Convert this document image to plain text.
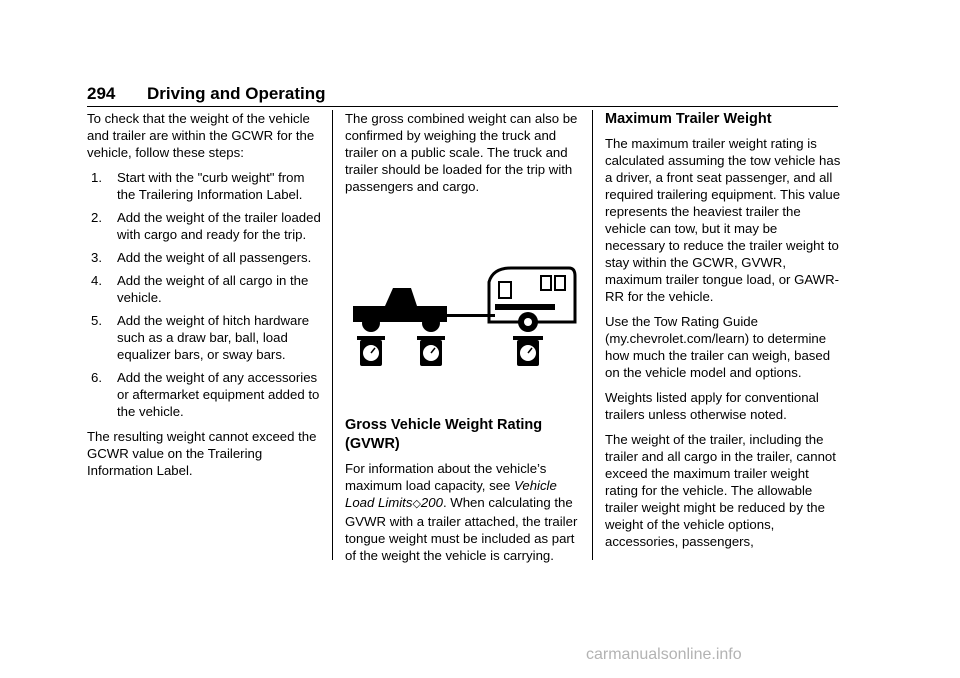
294 Driving and Operating

To check that the weight of the vehicle and trailer are within the GCWR for the vehicle, follow these steps:

1. Start with the "curb weight" from the Trailering Information Label.
2. Add the weight of the trailer loaded with cargo and ready for the trip.
3. Add the weight of all passengers.
4. Add the weight of all cargo in the vehicle.
5. Add the weight of hitch hardware such as a draw bar, ball, load equalizer bars, or sway bars.
6. Add the weight of any accessories or aftermarket equipment added to the vehicle.

The resulting weight cannot exceed the GCWR value on the Trailering Information Label.

The gross combined weight can also be confirmed by weighing the truck and trailer on a public scale. The truck and trailer should be loaded for the trip with passengers and cargo.

Gross Vehicle Weight Rating (GVWR)

For information about the vehicle’s maximum load capacity, see Vehicle Load Limits◇200. When calculating the GVWR with a trailer attached, the trailer tongue weight must be included as part of the weight the vehicle is carrying.

Maximum Trailer Weight

The maximum trailer weight rating is calculated assuming the tow vehicle has a driver, a front seat passenger, and all required trailering equipment. This value represents the heaviest trailer the vehicle can tow, but it may be necessary to reduce the trailer weight to stay within the GCWR, GVWR, maximum trailer tongue load, or GAWR-RR for the vehicle.

Use the Tow Rating Guide (my.chevrolet.com/learn) to determine how much the trailer can weigh, based on the vehicle model and options.

Weights listed apply for conventional trailers unless otherwise noted.

The weight of the trailer, including the trailer and all cargo in the trailer, cannot exceed the maximum trailer weight rating for the vehicle. The allowable trailer weight might be reduced by the weight of the vehicle options, accessories, passengers,

carmanualsonline.info
